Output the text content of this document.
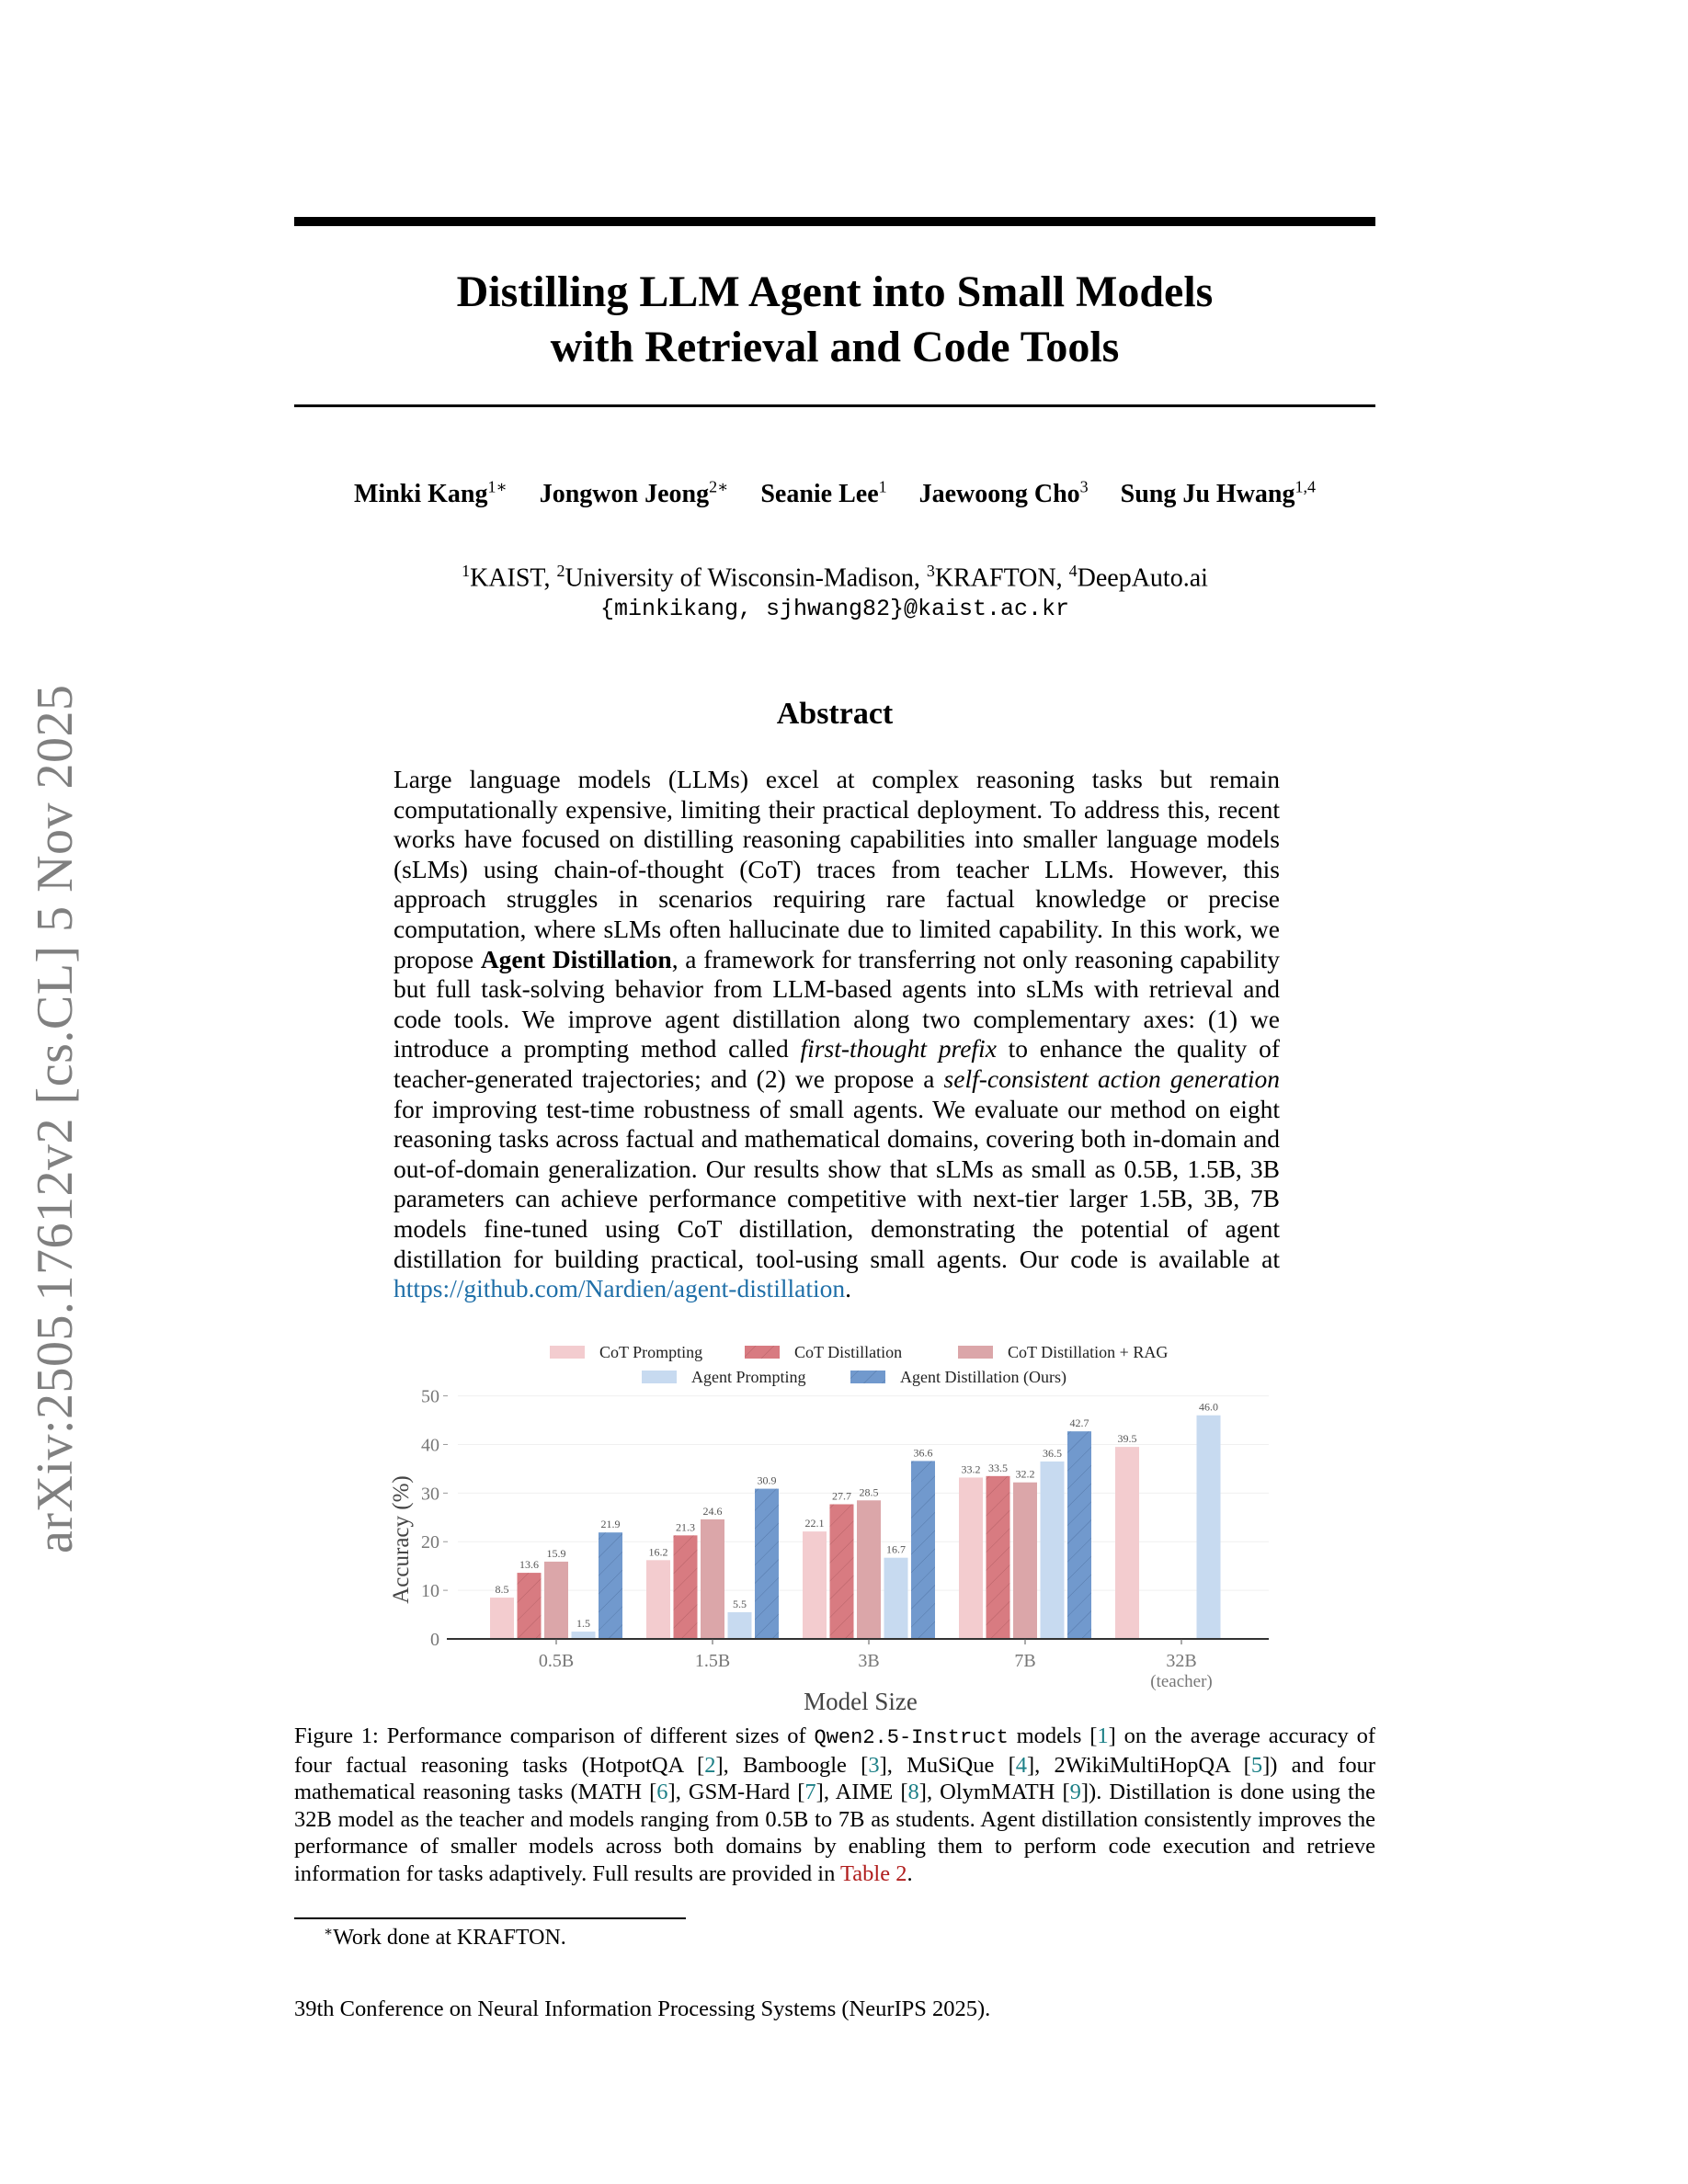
arXiv:2505.17612v2 [cs.CL] 5 Nov 2025
Distilling LLM Agent into Small Models
with Retrieval and Code Tools
Minki Kang$^{1∗}$ Jongwon Jeong$^{2∗}$ Seanie Lee$^1$ Jaewoong Cho$^3$ Sung Ju Hwang$^{1,4}$
$^1$KAIST, $^2$University of Wisconsin-Madison, $^3$KRAFTON, $^4$DeepAuto.ai
{minkikang, sjhwang82}@kaist.ac.kr
Abstract
Large language models (LLMs) excel at complex reasoning tasks but remain computationally expensive, limiting their practical deployment. To address this, recent works have focused on distilling reasoning capabilities into smaller language models (sLMs) using chain-of-thought (CoT) traces from teacher LLMs. However, this approach struggles in scenarios requiring rare factual knowledge or precise computation, where sLMs often hallucinate due to limited capability. In this work, we propose Agent Distillation, a framework for transferring not only reasoning capability but full task-solving behavior from LLM-based agents into sLMs with retrieval and code tools. We improve agent distillation along two complementary axes: (1) we introduce a prompting method called first-thought prefix to enhance the quality of teacher-generated trajectories; and (2) we propose a self-consistent action generation for improving test-time robustness of small agents. We evaluate our method on eight reasoning tasks across factual and mathematical domains, covering both in-domain and out-of-domain generalization. Our results show that sLMs as small as 0.5B, 1.5B, 3B parameters can achieve performance competitive with next-tier larger 1.5B, 3B, 7B models fine-tuned using CoT distillation, demonstrating the potential of agent distillation for building practical, tool-using small agents. Our code is available at https://github.com/Nardien/agent-distillation.
CoT Prompting	CoT Distillation	CoT Distillation + RAG
Agent Prompting	Agent Distillation (Ours)
0
10
20
30
40
50
8.5
13.6
15.9
1.5
21.9
16.2
21.3
24.6
5.5
30.9
22.1
27.7 28.5
16.7
36.6
33.2 33.5 32.2
36.5
42.7
39.5
46.0
0.5B	1.5B	3B	7B	32B
(teacher)
Accuracy (%)
Model Size
Figure 1: Performance comparison of different sizes of Qwen2.5-Instruct models [1] on the average accuracy of four factual reasoning tasks (HotpotQA [2], Bamboogle [3], MuSiQue [4], 2WikiMultiHopQA [5]) and four mathematical reasoning tasks (MATH [6], GSM-Hard [7], AIME [8], OlymMATH [9]). Distillation is done using the 32B model as the teacher and models ranging from 0.5B to 7B as students. Agent distillation consistently improves the performance of smaller models across both domains by enabling them to perform code execution and retrieve information for tasks adaptively. Full results are provided in Table 2.
∗Work done at KRAFTON.
39th Conference on Neural Information Processing Systems (NeurIPS 2025).
